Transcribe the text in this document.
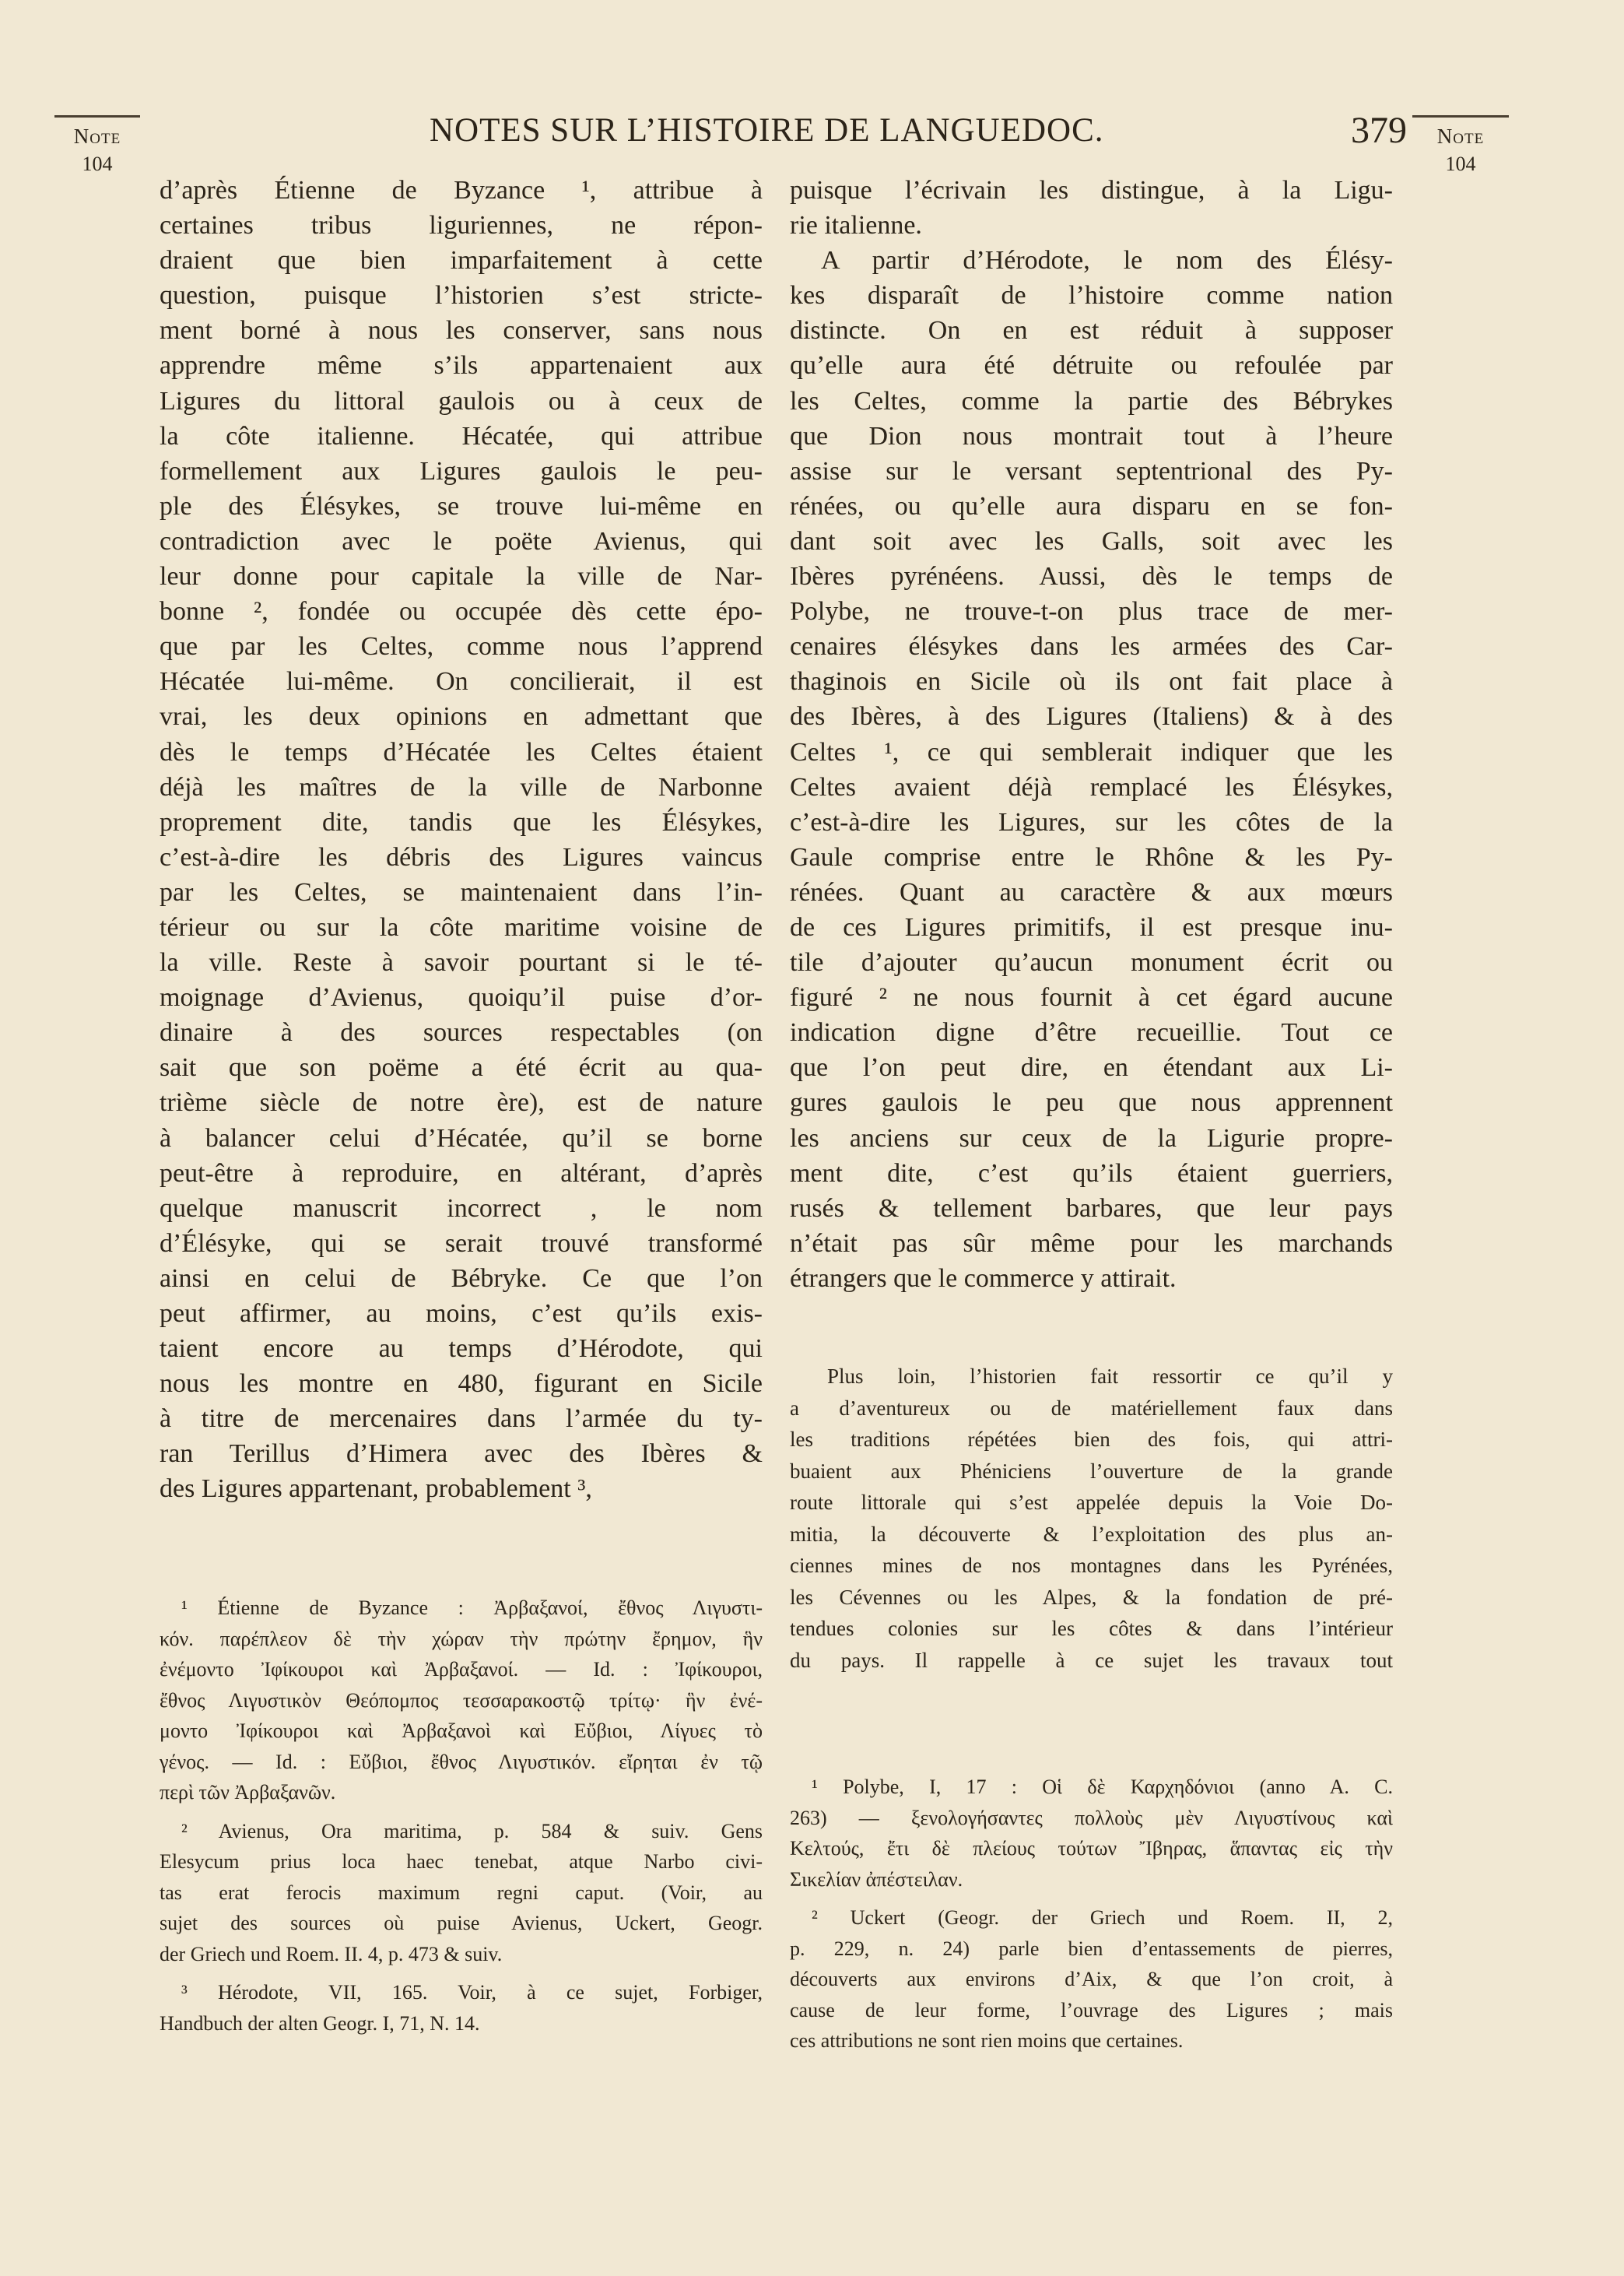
Note
104
NOTES SUR L’HISTOIRE DE LANGUEDOC.	379	Note
104
d’après Étienne de Byzance ¹, attribue à
certaines tribus liguriennes, ne répon-
draient que bien imparfaitement à cette
question, puisque l’historien s’est stricte-
ment borné à nous les conserver, sans nous
apprendre même s’ils appartenaient aux
Ligures du littoral gaulois ou à ceux de
la côte italienne. Hécatée, qui attribue
formellement aux Ligures gaulois le peu-
ple des Élésykes, se trouve lui-même en
contradiction avec le poëte Avienus, qui
leur donne pour capitale la ville de Nar-
bonne ², fondée ou occupée dès cette épo-
que par les Celtes, comme nous l’apprend
Hécatée lui-même. On concilierait, il est
vrai, les deux opinions en admettant que
dès le temps d’Hécatée les Celtes étaient
déjà les maîtres de la ville de Narbonne
proprement dite, tandis que les Élésykes,
c’est-à-dire les débris des Ligures vaincus
par les Celtes, se maintenaient dans l’in-
térieur ou sur la côte maritime voisine de
la ville. Reste à savoir pourtant si le té-
moignage d’Avienus, quoiqu’il puise d’or-
dinaire à des sources respectables (on
sait que son poëme a été écrit au qua-
trième siècle de notre ère), est de nature
à balancer celui d’Hécatée, qu’il se borne
peut-être à reproduire, en altérant, d’après
quelque manuscrit incorrect , le nom
d’Élésyke, qui se serait trouvé transformé
ainsi en celui de Bébryke. Ce que l’on
peut affirmer, au moins, c’est qu’ils exis-
taient encore au temps d’Hérodote, qui
nous les montre en 480, figurant en Sicile
à titre de mercenaires dans l’armée du ty-
ran Terillus d’Himera avec des Ibères &
des Ligures appartenant, probablement ³,
puisque l’écrivain les distingue, à la Ligu-
rie italienne.
A partir d’Hérodote, le nom des Élésy-
kes disparaît de l’histoire comme nation
distincte. On en est réduit à supposer
qu’elle aura été détruite ou refoulée par
les Celtes, comme la partie des Bébrykes
que Dion nous montrait tout à l’heure
assise sur le versant septentrional des Py-
rénées, ou qu’elle aura disparu en se fon-
dant soit avec les Galls, soit avec les
Ibères pyrénéens. Aussi, dès le temps de
Polybe, ne trouve-t-on plus trace de mer-
cenaires élésykes dans les armées des Car-
thaginois en Sicile où ils ont fait place à
des Ibères, à des Ligures (Italiens) & à des
Celtes ¹, ce qui semblerait indiquer que les
Celtes avaient déjà remplacé les Élésykes,
c’est-à-dire les Ligures, sur les côtes de la
Gaule comprise entre le Rhône & les Py-
rénées. Quant au caractère & aux mœurs
de ces Ligures primitifs, il est presque inu-
tile d’ajouter qu’aucun monument écrit ou
figuré ² ne nous fournit à cet égard aucune
indication digne d’être recueillie. Tout ce
que l’on peut dire, en étendant aux Li-
gures gaulois le peu que nous apprennent
les anciens sur ceux de la Ligurie propre-
ment dite, c’est qu’ils étaient guerriers,
rusés & tellement barbares, que leur pays
n’était pas sûr même pour les marchands
étrangers que le commerce y attirait.
Plus loin, l’historien fait ressortir ce qu’il y
a d’aventureux ou de matériellement faux dans
les traditions répétées bien des fois, qui attri-
buaient aux Phéniciens l’ouverture de la grande
route littorale qui s’est appelée depuis la Voie Do-
mitia, la découverte & l’exploitation des plus an-
ciennes mines de nos montagnes dans les Pyrénées,
les Cévennes ou les Alpes, & la fondation de pré-
tendues colonies sur les côtes & dans l’intérieur
du pays. Il rappelle à ce sujet les travaux tout
¹ Étienne de Byzance : Ἀρβαξανοί, ἔθνος Λιγυστι-
κόν. παρέπλεον δὲ τὴν χώραν τὴν πρώτην ἔρημον, ἣν
ἐνέμοντο Ἰφίκουροι καὶ Ἀρβαξανοί. — Id. : Ἰφίκουροι,
ἔθνος Λιγυστικὸν Θεόπομπος τεσσαρακοστῷ τρίτῳ· ἣν ἐνέ-
μοντο Ἰφίκουροι καὶ Ἀρβαξανοὶ καὶ Εὔβιοι, Λίγυες τὸ
γένος. — Id. : Εὔβιοι, ἔθνος Λιγυστικόν. εἴρηται ἐν τῷ
περὶ τῶν Ἀρβαξανῶν.
² Avienus, Ora maritima, p. 584 & suiv. Gens
Elesycum prius loca haec tenebat, atque Narbo civi-
tas erat ferocis maximum regni caput. (Voir, au
sujet des sources où puise Avienus, Uckert, Geogr.
der Griech und Roem. II. 4, p. 473 & suiv.
³ Hérodote, VII, 165. Voir, à ce sujet, Forbiger,
Handbuch der alten Geogr. I, 71, N. 14.
¹ Polybe, I, 17 : Οἱ δὲ Καρχηδόνιοι (anno A. C.
263) — ξενολογήσαντες πολλοὺς μὲν Λιγυστίνους καὶ
Κελτούς, ἔτι δὲ πλείους τούτων Ἴβηρας, ἅπαντας εἰς τὴν
Σικελίαν ἀπέστειλαν.
² Uckert (Geogr. der Griech und Roem. II, 2,
p. 229, n. 24) parle bien d’entassements de pierres,
découverts aux environs d’Aix, & que l’on croit, à
cause de leur forme, l’ouvrage des Ligures ; mais
ces attributions ne sont rien moins que certaines.
